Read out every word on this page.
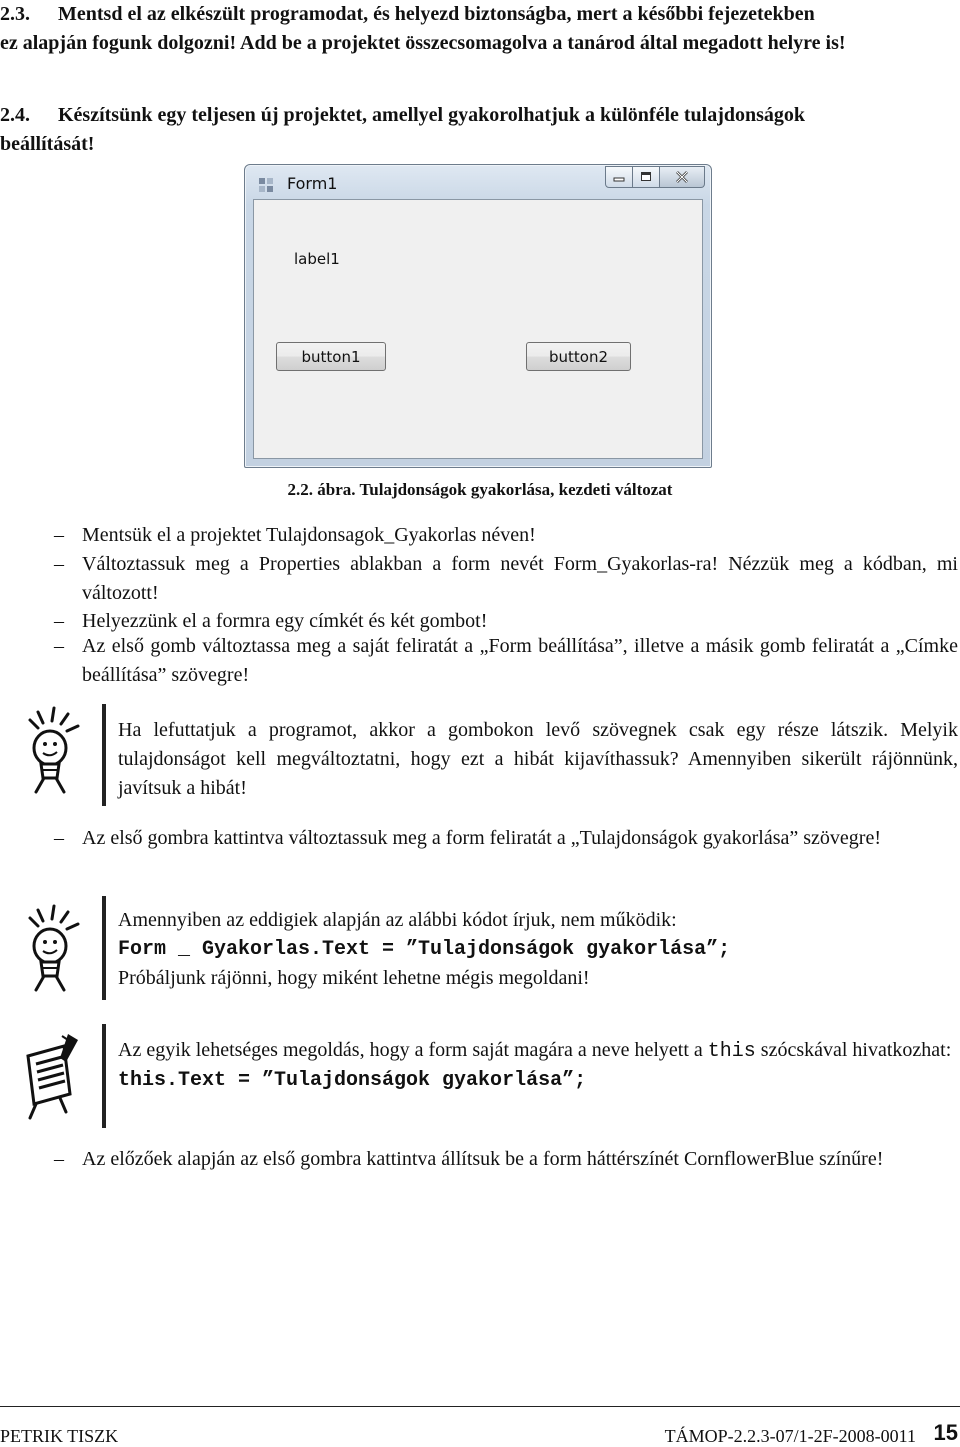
2.3. Mentsd el az elkészült programodat, és helyezd biztonságba, mert a későbbi fejezetekben
ez alapján fogunk dolgozni! Add be a projektet összecsomagolva a tanárod által megadott helyre is!
2.4. Készítsünk egy teljesen új projektet, amellyel gyakorolhatjuk a különféle tulajdonságok
beállítását!
Form1
label1
button1	button2
2.2. ábra. Tulajdonságok gyakorlása, kezdeti változat
– Mentsük el a projektet Tulajdonsagok_Gyakorlas néven!
– Változtassuk meg a Properties ablakban a form nevét Form_Gyakorlas-ra! Nézzük meg a kódban, mi változott!
– Helyezzünk el a formra egy címkét és két gombot!
– Az első gomb változtassa meg a saját feliratát a „Form beállítása”, illetve a másik gomb feliratát a „Címke beállítása” szövegre!
Ha lefuttatjuk a programot, akkor a gombokon levő szövegnek csak egy része látszik. Melyik tulajdonságot kell megváltoztatni, hogy ezt a hibát kijavíthassuk? Amennyiben sikerült rájönnünk, javítsuk a hibát!
– Az első gombra kattintva változtassuk meg a form feliratát a „Tulajdonságok gyakorlása” szövegre!
Amennyiben az eddigiek alapján az alábbi kódot írjuk, nem működik:
Form _ Gyakorlas.Text = ”Tulajdonságok gyakorlása”;
Próbáljunk rájönni, hogy miként lehetne mégis megoldani!
Az egyik lehetséges megoldás, hogy a form saját magára a neve helyett a this szócskával hivatkozhat:
this.Text = ”Tulajdonságok gyakorlása”;
– Az előzőek alapján az első gombra kattintva állítsuk be a form háttérszínét CornflowerBlue színűre!
PETRIK TISZK	TÁMOP-2.2.3-07/1-2F-2008-0011 15
